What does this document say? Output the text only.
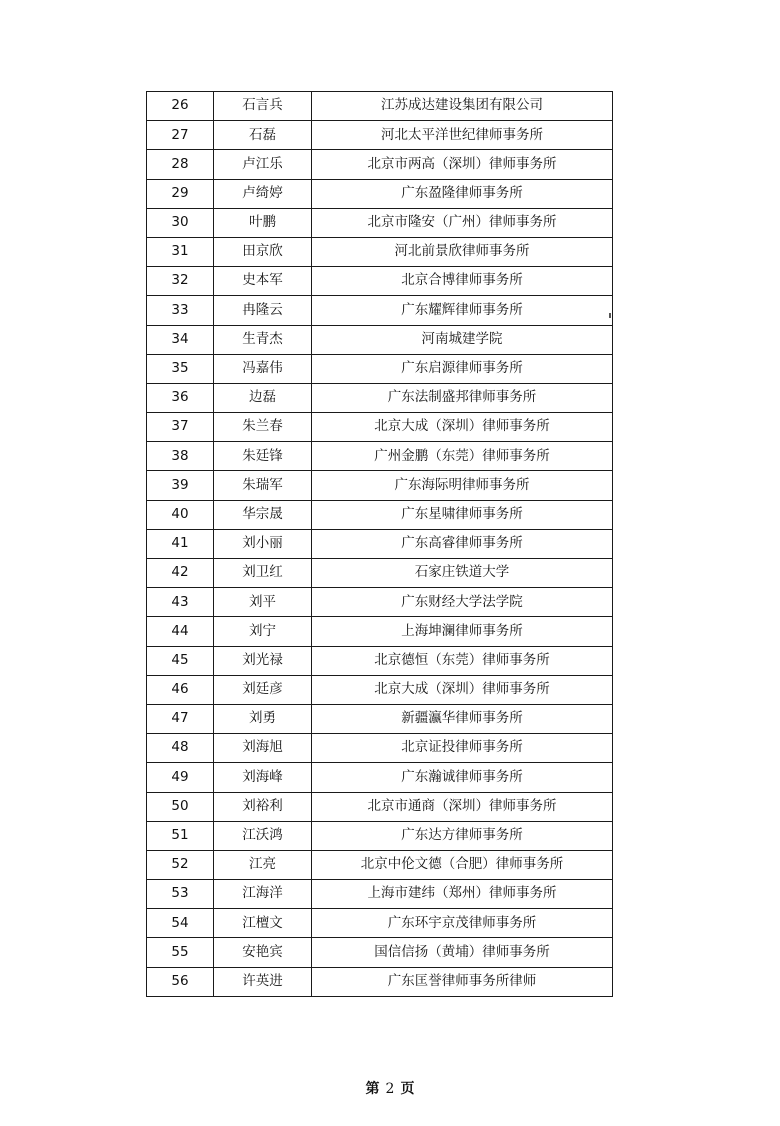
26	石言兵	江苏成达建设集团有限公司
27	石磊	河北太平洋世纪律师事务所
28	卢江乐	北京市两高（深圳）律师事务所
29	卢绮婷	广东盈隆律师事务所
30	叶鹏	北京市隆安（广州）律师事务所
31	田京欣	河北前景欣律师事务所
32	史本军	北京合博律师事务所
33	冉隆云	广东耀辉律师事务所
34	生青杰	河南城建学院
35	冯嘉伟	广东启源律师事务所
36	边磊	广东法制盛邦律师事务所
37	朱兰春	北京大成（深圳）律师事务所
38	朱廷锋	广州金鹏（东莞）律师事务所
39	朱瑞军	广东海际明律师事务所
40	华宗晟	广东星啸律师事务所
41	刘小丽	广东高睿律师事务所
42	刘卫红	石家庄铁道大学
43	刘平	广东财经大学法学院
44	刘宁	上海坤澜律师事务所
45	刘光禄	北京德恒（东莞）律师事务所
46	刘廷彦	北京大成（深圳）律师事务所
47	刘勇	新疆瀛华律师事务所
48	刘海旭	北京证投律师事务所
49	刘海峰	广东瀚诚律师事务所
50	刘裕利	北京市通商（深圳）律师事务所
51	江沃鸿	广东达方律师事务所
52	江亮	北京中伦文德（合肥）律师事务所
53	江海洋	上海市建纬（郑州）律师事务所
54	江檀文	广东环宇京茂律师事务所
55	安艳宾	国信信扬（黄埔）律师事务所
56	许英进	广东匡誉律师事务所律师
第 2 页
